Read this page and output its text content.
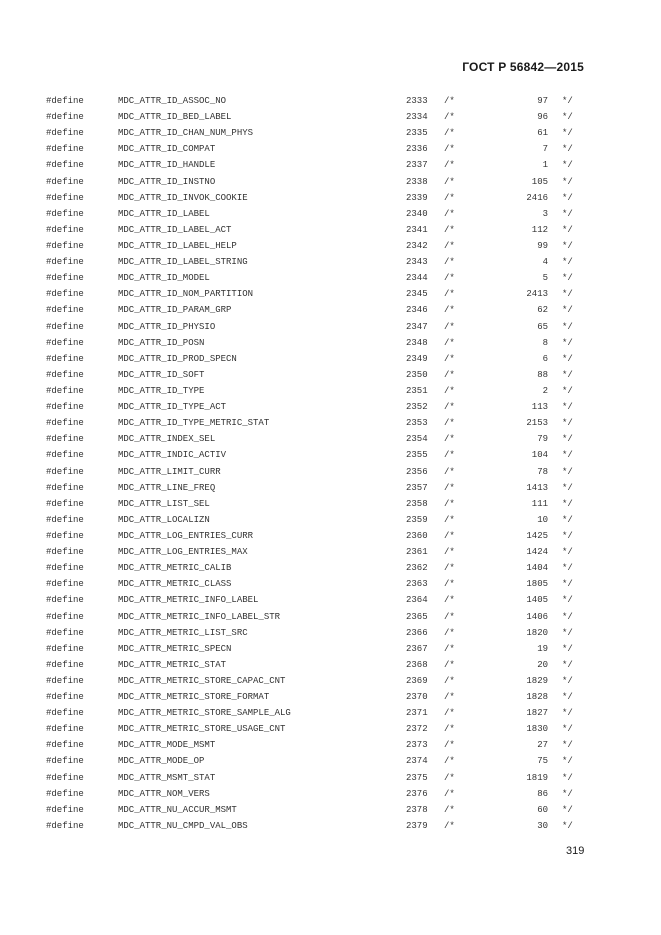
ГОСТ Р 56842—2015
#define	MDC_ATTR_ID_ASSOC_NO	2333 /*	97 */
#define	MDC_ATTR_ID_BED_LABEL	2334 /*	96 */
#define	MDC_ATTR_ID_CHAN_NUM_PHYS	2335 /*	61 */
#define	MDC_ATTR_ID_COMPAT	2336 /*	7 */
#define	MDC_ATTR_ID_HANDLE	2337 /*	1 */
#define	MDC_ATTR_ID_INSTNO	2338 /*	105 */
#define	MDC_ATTR_ID_INVOK_COOKIE	2339 /*	2416 */
#define	MDC_ATTR_ID_LABEL	2340 /*	3 */
#define	MDC_ATTR_ID_LABEL_ACT	2341 /*	112 */
#define	MDC_ATTR_ID_LABEL_HELP	2342 /*	99 */
#define	MDC_ATTR_ID_LABEL_STRING	2343 /*	4 */
#define	MDC_ATTR_ID_MODEL	2344 /*	5 */
#define	MDC_ATTR_ID_NOM_PARTITION	2345 /*	2413 */
#define	MDC_ATTR_ID_PARAM_GRP	2346 /*	62 */
#define	MDC_ATTR_ID_PHYSIO	2347 /*	65 */
#define	MDC_ATTR_ID_POSN	2348 /*	8 */
#define	MDC_ATTR_ID_PROD_SPECN	2349 /*	6 */
#define	MDC_ATTR_ID_SOFT	2350 /*	88 */
#define	MDC_ATTR_ID_TYPE	2351 /*	2 */
#define	MDC_ATTR_ID_TYPE_ACT	2352 /*	113 */
#define	MDC_ATTR_ID_TYPE_METRIC_STAT	2353 /*	2153 */
#define	MDC_ATTR_INDEX_SEL	2354 /*	79 */
#define	MDC_ATTR_INDIC_ACTIV	2355 /*	104 */
#define	MDC_ATTR_LIMIT_CURR	2356 /*	78 */
#define	MDC_ATTR_LINE_FREQ	2357 /*	1413 */
#define	MDC_ATTR_LIST_SEL	2358 /*	111 */
#define	MDC_ATTR_LOCALIZN	2359 /*	10 */
#define	MDC_ATTR_LOG_ENTRIES_CURR	2360 /*	1425 */
#define	MDC_ATTR_LOG_ENTRIES_MAX	2361 /*	1424 */
#define	MDC_ATTR_METRIC_CALIB	2362 /*	1404 */
#define	MDC_ATTR_METRIC_CLASS	2363 /*	1805 */
#define	MDC_ATTR_METRIC_INFO_LABEL	2364 /*	1405 */
#define	MDC_ATTR_METRIC_INFO_LABEL_STR	2365 /*	1406 */
#define	MDC_ATTR_METRIC_LIST_SRC	2366 /*	1820 */
#define	MDC_ATTR_METRIC_SPECN	2367 /*	19 */
#define	MDC_ATTR_METRIC_STAT	2368 /*	20 */
#define	MDC_ATTR_METRIC_STORE_CAPAC_CNT	2369 /*	1829 */
#define	MDC_ATTR_METRIC_STORE_FORMAT	2370 /*	1828 */
#define	MDC_ATTR_METRIC_STORE_SAMPLE_ALG	2371 /*	1827 */
#define	MDC_ATTR_METRIC_STORE_USAGE_CNT	2372 /*	1830 */
#define	MDC_ATTR_MODE_MSMT	2373 /*	27 */
#define	MDC_ATTR_MODE_OP	2374 /*	75 */
#define	MDC_ATTR_MSMT_STAT	2375 /*	1819 */
#define	MDC_ATTR_NOM_VERS	2376 /*	86 */
#define	MDC_ATTR_NU_ACCUR_MSMT	2378 /*	60 */
#define	MDC_ATTR_NU_CMPD_VAL_OBS	2379 /*	30 */
319
